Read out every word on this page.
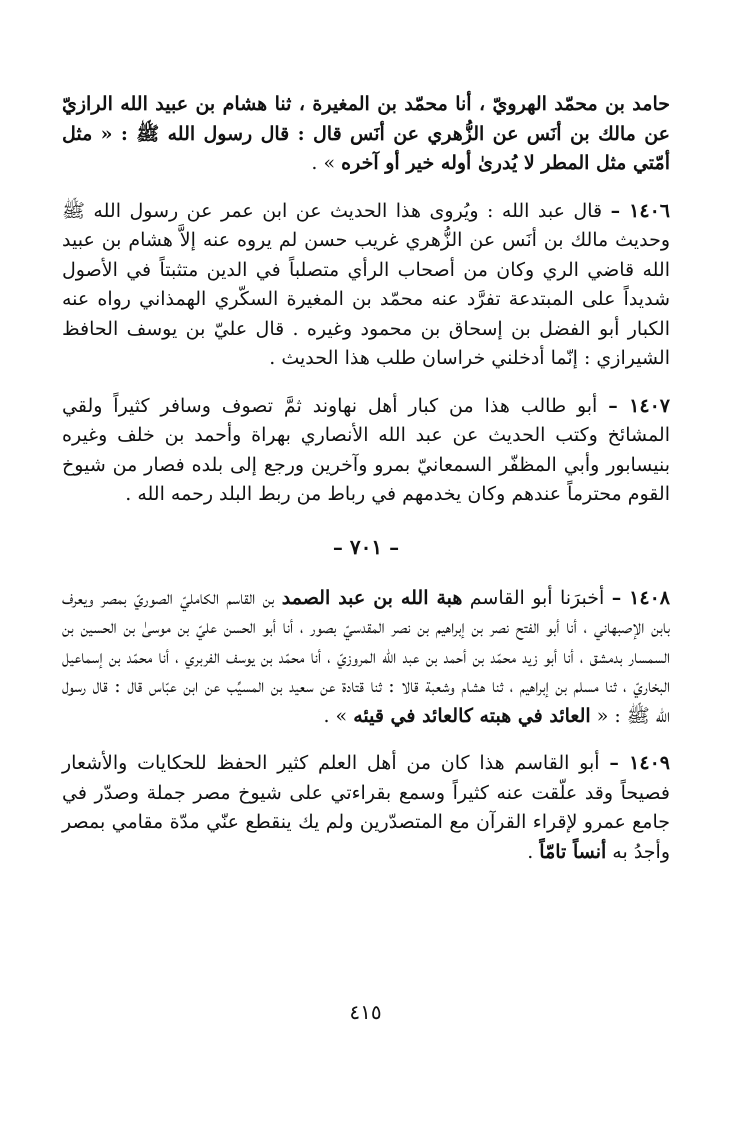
حامد بن محمّد الهرويّ ، أنا محمّد بن المغيرة ، ثنا هشام بن عبيد الله الرازيّ عن مالك بن أنَس عن الزُّهري عن أنَس قال : قال رسول الله ﷺ : « مثل أمّتي مثل المطر لا يُدرىٰ أوله خير أو آخره » .

١٤٠٦ – قال عبد الله : ويُروى هذا الحديث عن ابن عمر عن رسول الله ﷺ وحديث مالك بن أنَس عن الزُّهري غريب حسن لم يروه عنه إلاَّ هشام بن عبيد الله قاضي الري وكان من أصحاب الرأي متصلباً في الدين متثبتاً في الأصول شديداً على المبتدعة تفرَّد عنه محمّد بن المغيرة السكّري الهمذاني رواه عنه الكبار أبو الفضل بن إسحاق بن محمود وغيره . قال عليّ بن يوسف الحافظ الشيرازي : إنّما أدخلني خراسان طلب هذا الحديث .

١٤٠٧ – أبو طالب هذا من كبار أهل نهاوند ثمَّ تصوف وسافر كثيراً ولقي المشائخ وكتب الحديث عن عبد الله الأنصاري بهراة وأحمد بن خلف وغيره بنيسابور وأبي المظفّر السمعانيّ بمرو وآخرين ورجع إلى بلده فصار من شيوخ القوم محترماً عندهم وكان يخدمهم في رباط من ربط البلد رحمه الله .

– ٧٠١ –

١٤٠٨ – أخبرَنا أبو القاسم هبة الله بن عبد الصمد بن القاسم الكامليّ الصوريّ بمصر ويعرف بابن الإصبهاني ، أنا أبو الفتح نصر بن إبراهيم بن نصر المقدسيّ بصور ، أنا أبو الحسن عليّ بن موسىٰ بن الحسين بن السمسار بدمشق ، أنا أبو زيد محمّد بن أحمد بن عبد الله المروزيّ ، أنا محمّد بن يوسف الفربري ، أنا محمّد بن إسماعيل البخاريّ ، ثنا مسلم بن إبراهيم ، ثنا هشام وشعبة قالا : ثنا قتادة عن سعيد بن المسيِّب عن ابن عبّاس قال : قال رسول الله ﷺ : « العائد في هبته كالعائد في قيئه » .

١٤٠٩ – أبو القاسم هذا كان من أهل العلم كثير الحفظ للحكايات والأشعار فصيحاً وقد علّقت عنه كثيراً وسمع بقراءتي على شيوخ مصر جملة وصدّر في جامع عمرو لإقراء القرآن مع المتصدّرين ولم يك ينقطع عنّي مدّة مقامي بمصر وأجدُ به أنساً تامّاً .

٤١٥
